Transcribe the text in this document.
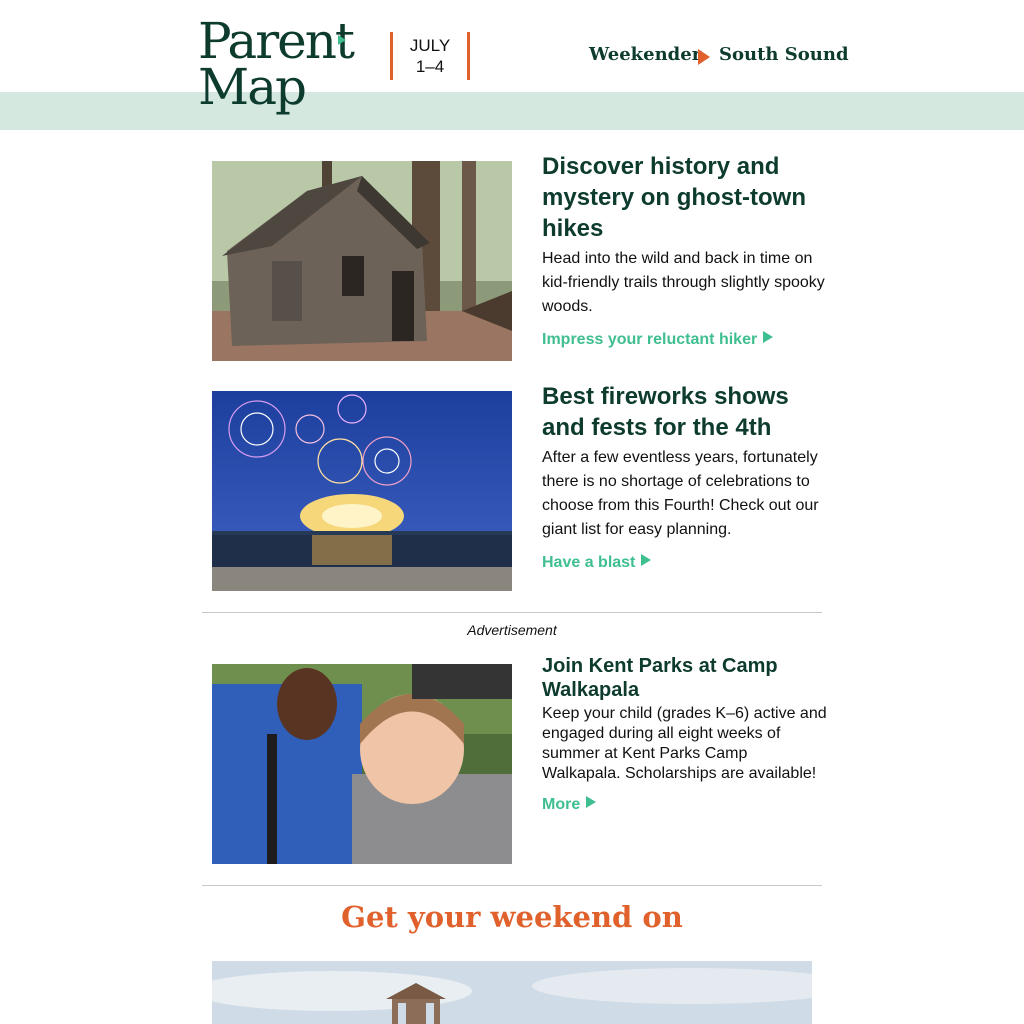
Parent
Map
JULY
1–4
Weekender South Sound
Discover history and mystery on ghost-town hikes

Head into the wild and back in time on kid-friendly trails through slightly spooky woods.

Impress your reluctant hiker
Best fireworks shows and fests for the 4th

After a few eventless years, fortunately there is no shortage of celebrations to choose from this Fourth! Check out our giant list for easy planning.

Have a blast
Advertisement
Join Kent Parks at Camp Walkapala

Keep your child (grades K–6) active and engaged during all eight weeks of summer at Kent Parks Camp Walkapala. Scholarships are available!

More
Get your weekend on
